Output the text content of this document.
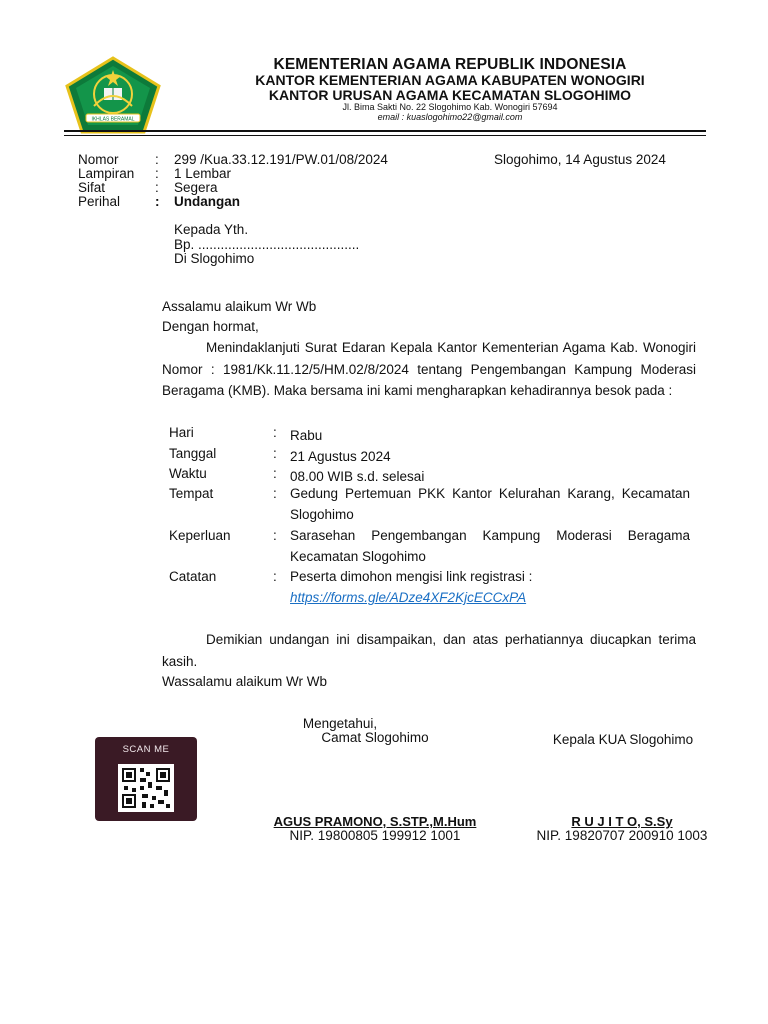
IKHLAS BERAMAL
KEMENTERIAN AGAMA REPUBLIK INDONESIA
KANTOR KEMENTERIAN AGAMA KABUPATEN WONOGIRI
KANTOR URUSAN AGAMA KECAMATAN SLOGOHIMO
Jl. Bima Sakti No. 22 Slogohimo Kab. Wonogiri 57694
email : kuaslogohimo22@gmail.com
Nomor	: 299 /Kua.33.12.191/PW.01/08/2024	Slogohimo, 14 Agustus 2024
Lampiran : 1 Lembar
Sifat	: Segera
Perihal	: Undangan
Kepada Yth.
Bp. ...........................................
Di Slogohimo
Assalamu alaikum Wr Wb
Dengan hormat,
Menindaklanjuti Surat Edaran Kepala Kantor Kementerian Agama Kab. Wonogiri Nomor : 1981/Kk.11.12/5/HM.02/8/2024 tentang Pengembangan Kampung Moderasi Beragama (KMB). Maka bersama ini kami mengharapkan kehadirannya besok pada :
Hari	: Rabu
Tanggal	: 21 Agustus 2024
Waktu	: 08.00 WIB s.d. selesai
Tempat	: Gedung Pertemuan PKK Kantor Kelurahan Karang, Kecamatan Slogohimo
Keperluan	: Sarasehan Pengembangan Kampung Moderasi Beragama Kecamatan Slogohimo
Catatan	: Peserta dimohon mengisi link registrasi :
https://forms.gle/ADze4XF2KjcECCxPA
Demikian undangan ini disampaikan, dan atas perhatiannya diucapkan terima kasih.
Wassalamu alaikum Wr Wb
SCAN ME
Mengetahui,
Camat Slogohimo	Kepala KUA Slogohimo
AGUS PRAMONO, S.STP.,M.Hum
NIP. 19800805 199912 1001
R U J I T O, S.Sy
NIP. 19820707 200910 1003
